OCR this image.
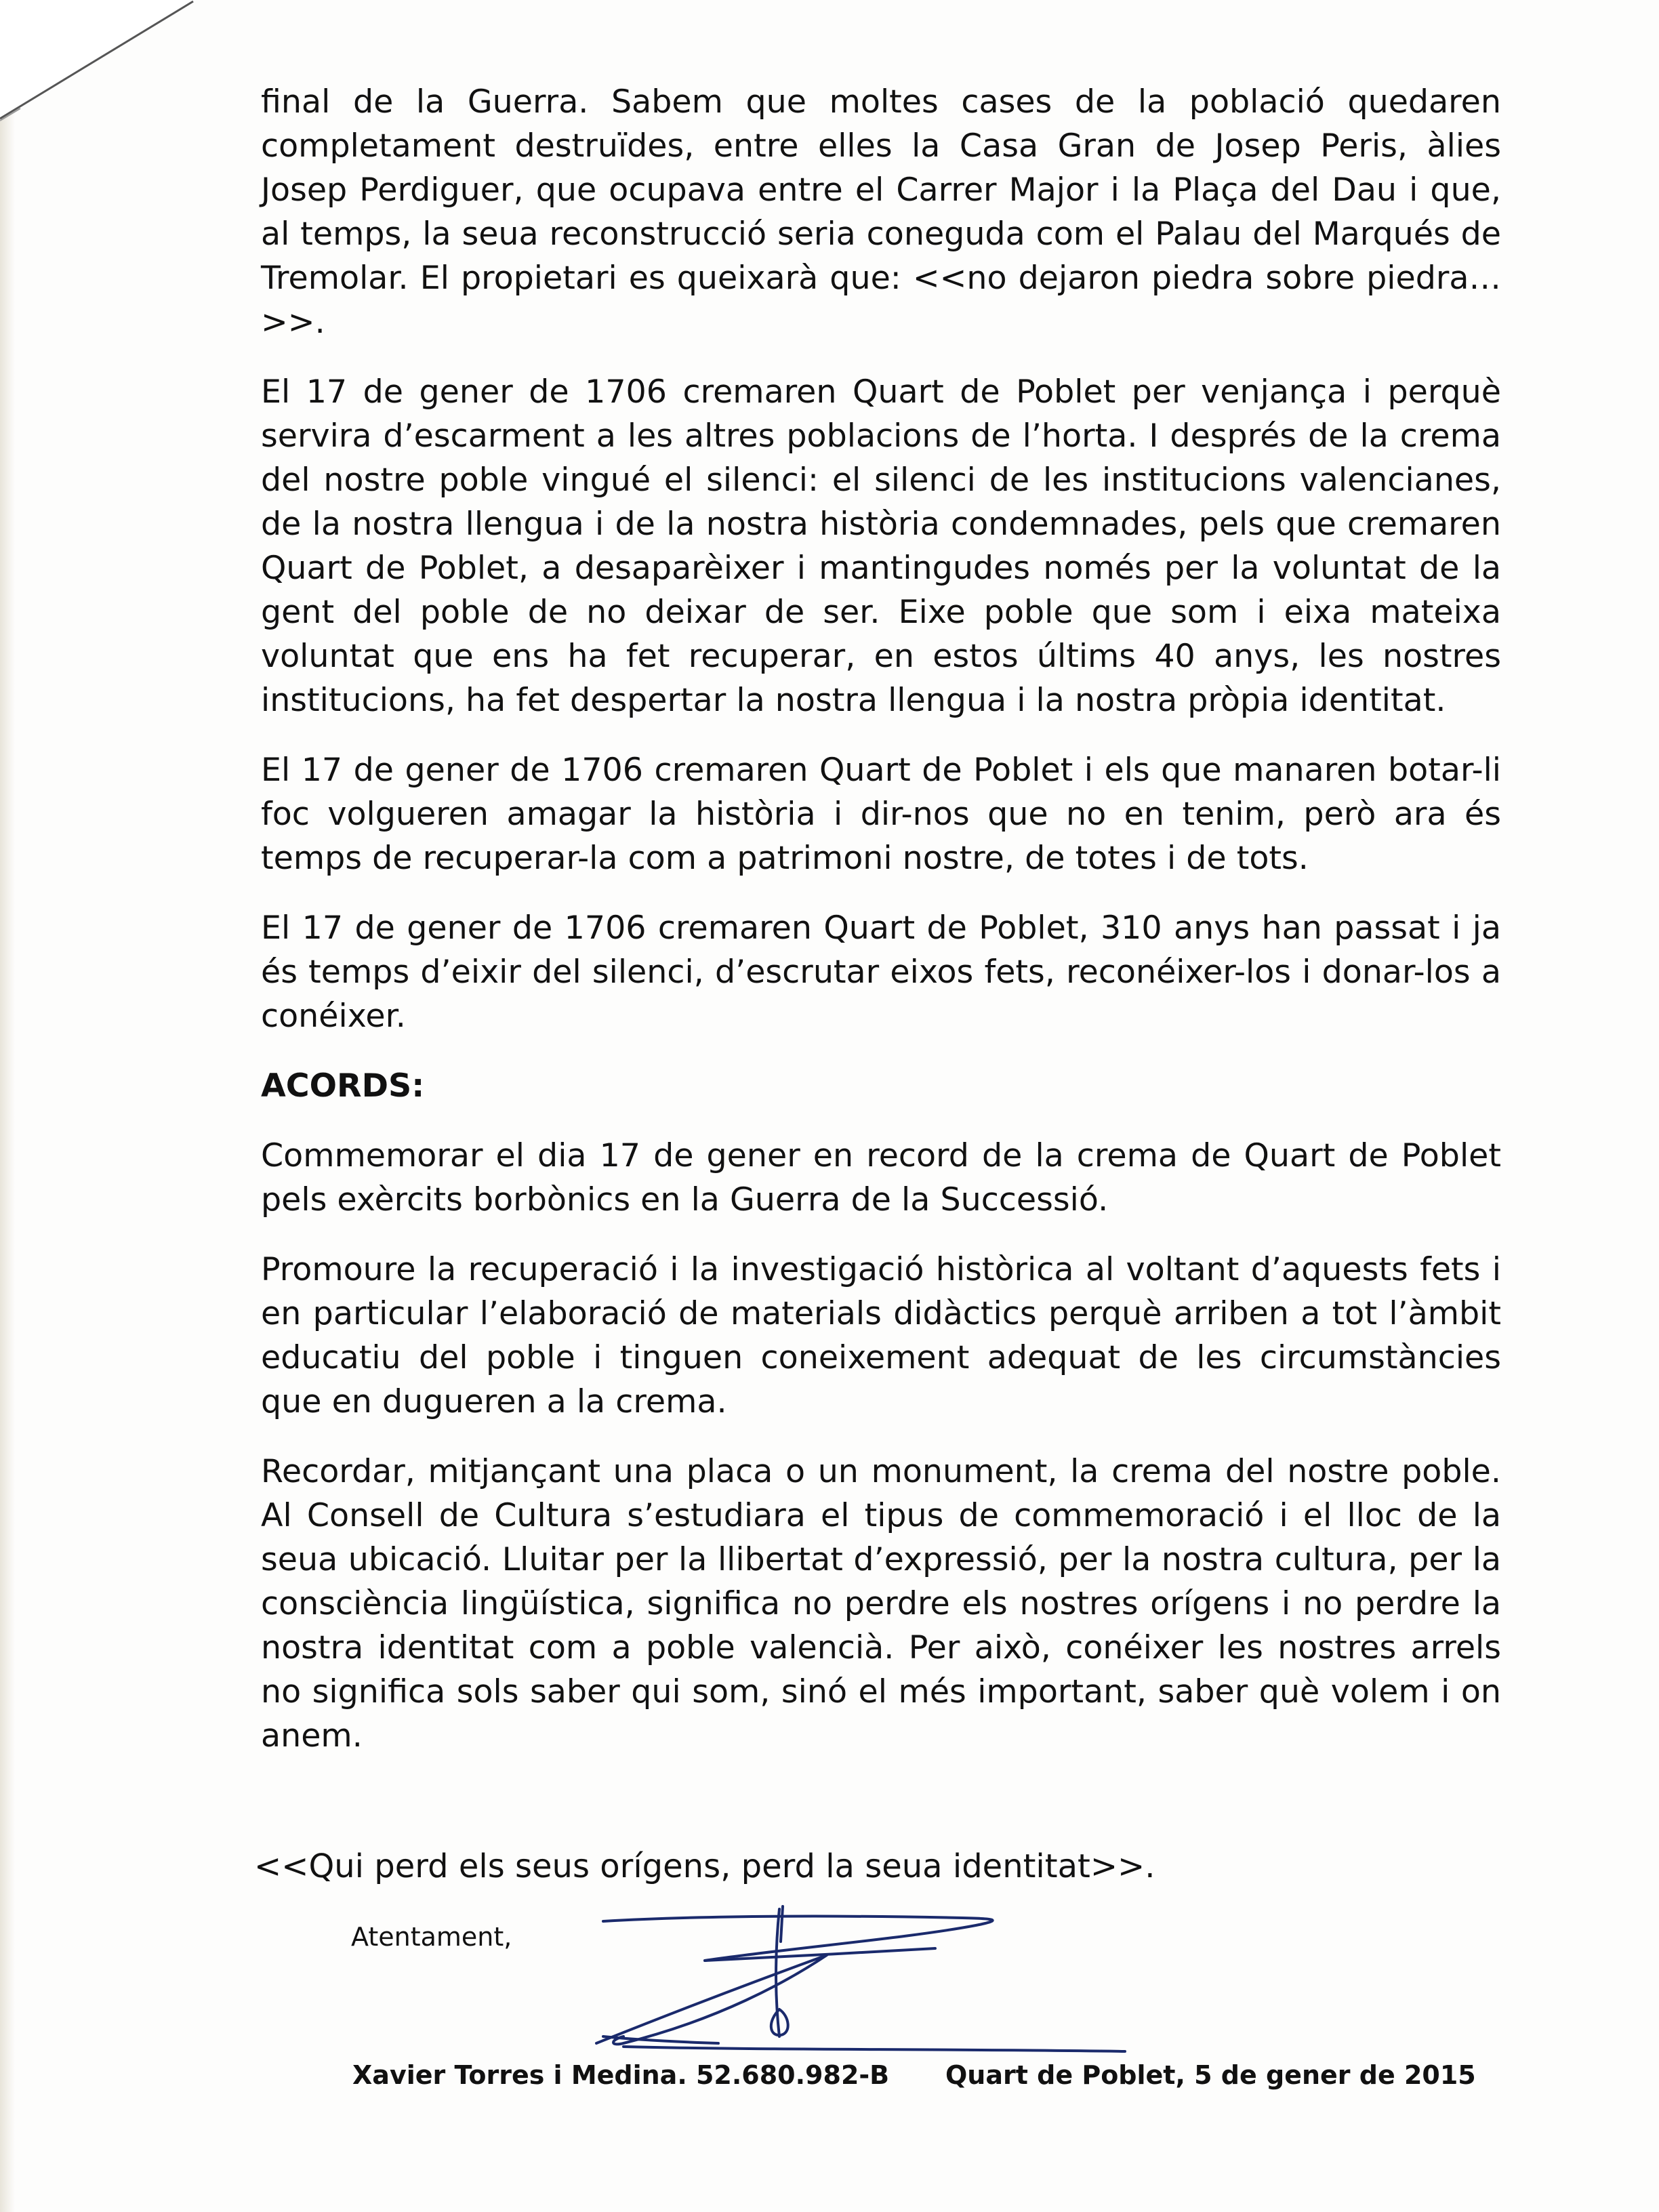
final de la Guerra. Sabem que moltes cases de la població quedaren completament destruïdes, entre elles la Casa Gran de Josep Peris, àlies Josep Perdiguer, que ocupava entre el Carrer Major i la Plaça del Dau i que, al temps, la seua reconstrucció seria coneguda com el Palau del Marqués de Tremolar. El propietari es queixarà que: <<no dejaron piedra sobre piedra…>>.

El 17 de gener de 1706 cremaren Quart de Poblet per venjança i perquè servira d’escarment a les altres poblacions de l’horta. I després de la crema del nostre poble vingué el silenci: el silenci de les institucions valencianes, de la nostra llengua i de la nostra història condemnades, pels que cremaren Quart de Poblet, a desaparèixer i mantingudes només per la voluntat de la gent del poble de no deixar de ser. Eixe poble que som i eixa mateixa voluntat que ens ha fet recuperar, en estos últims 40 anys, les nostres institucions, ha fet despertar la nostra llengua i la nostra pròpia identitat.

El 17 de gener de 1706 cremaren Quart de Poblet i els que manaren botar-li foc volgueren amagar la història i dir-nos que no en tenim, però ara és temps de recuperar-la com a patrimoni nostre, de totes i de tots.

El 17 de gener de 1706 cremaren Quart de Poblet, 310 anys han passat i ja és temps d’eixir del silenci, d’escrutar eixos fets, reconéixer-los i donar-los a conéixer.

ACORDS:

Commemorar el dia 17 de gener en record de la crema de Quart de Poblet pels exèrcits borbònics en la Guerra de la Successió.

Promoure la recuperació i la investigació històrica al voltant d’aquests fets i en particular l’elaboració de materials didàctics perquè arriben a tot l’àmbit educatiu del poble i tinguen coneixement adequat de les circumstàncies que en dugueren a la crema.

Recordar, mitjançant una placa o un monument, la crema del nostre poble. Al Consell de Cultura s’estudiara el tipus de commemoració i el lloc de la seua ubicació. Lluitar per la llibertat d’expressió, per la nostra cultura, per la consciència lingüística, significa no perdre els nostres orígens i no perdre la nostra identitat com a poble valencià. Per això, conéixer les nostres arrels no significa sols saber qui som, sinó el més important, saber què volem i on anem.

<<Qui perd els seus orígens, perd la seua identitat>>.
Atentament,
Xavier Torres i Medina. 52.680.982-B Quart de Poblet, 5 de gener de 2015
